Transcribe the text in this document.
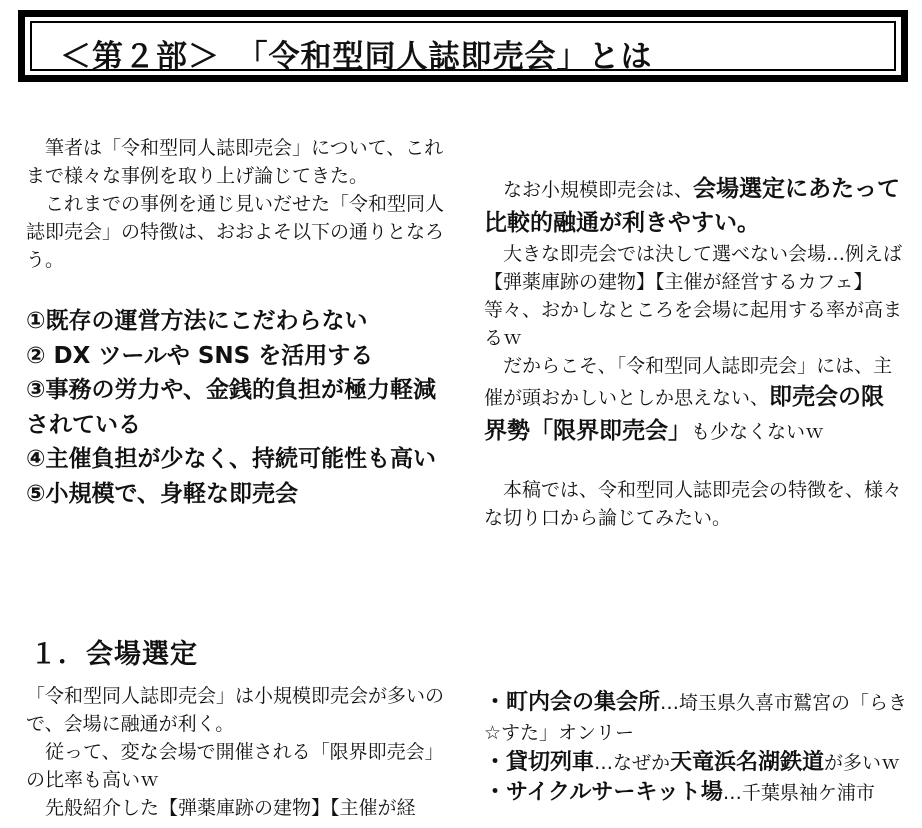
＜第２部＞　「令和型同人誌即売会」とは

筆者は「令和型同人誌即売会」について、これまで様々な事例を取り上げ論じてきた。

これまでの事例を通じ見いだせた「令和型同人誌即売会」の特徴は、おおよそ以下の通りとなろう。

①既存の運営方法にこだわらない
② DX ツールや SNS を活用する
③事務の労力や、金銭的負担が極力軽減されている
④主催負担が少なく、持続可能性も高い
⑤小規模で、身軽な即売会

なお小規模即売会は、会場選定にあたって比較的融通が利きやすい。

大きな即売会では決して選べない会場…例えば【弾薬庫跡の建物】【主催が経営するカフェ】等々、おかしなところを会場に起用する率が高まるｗ

だからこそ、「令和型同人誌即売会」には、主催が頭おかしいとしか思えない、即売会の限界勢「限界即売会」も少なくないｗ

本稿では、令和型同人誌即売会の特徴を、様々な切り口から論じてみたい。

１．会場選定

「令和型同人誌即売会」は小規模即売会が多いので、会場に融通が利く。

従って、変な会場で開催される「限界即売会」の比率も高いｗ

先般紹介した【弾薬庫跡の建物】【主催が経

・町内会の集会所…埼玉県久喜市鷲宮の「らき☆すた」オンリー

・貸切列車…なぜか天竜浜名湖鉄道が多いｗ

・サイクルサーキット場…千葉県袖ケ浦市
